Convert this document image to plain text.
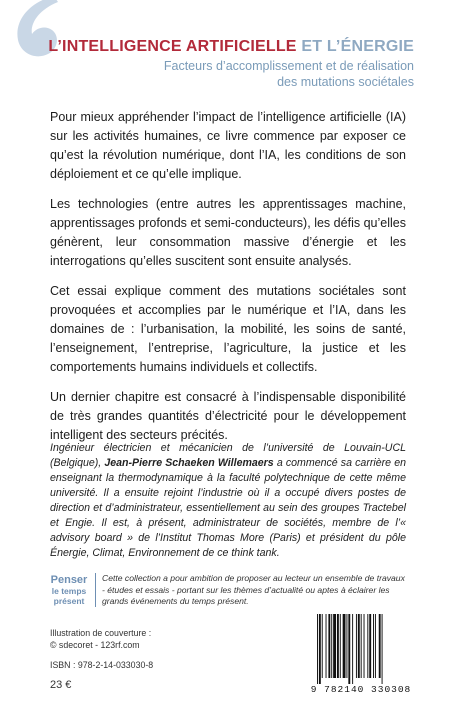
L’INTELLIGENCE ARTIFICIELLE ET L’ÉNERGIE
Facteurs d’accomplissement et de réalisation
des mutations sociétales

Pour mieux appréhender l’impact de l’intelligence artificielle (IA) sur les activités humaines, ce livre commence par exposer ce qu’est la révolution numérique, dont l’IA, les conditions de son déploiement et ce qu’elle implique.

Les technologies (entre autres les apprentissages machine, apprentissages profonds et semi-conducteurs), les défis qu’elles génèrent, leur consommation massive d’énergie et les interrogations qu’elles suscitent sont ensuite analysés.

Cet essai explique comment des mutations sociétales sont provoquées et accomplies par le numérique et l’IA, dans les domaines de : l’urbanisation, la mobilité, les soins de santé, l’enseignement, l’entreprise, l’agriculture, la justice et les comportements humains individuels et collectifs.

Un dernier chapitre est consacré à l’indispensable disponibilité de très grandes quantités d’électricité pour le développement intelligent des secteurs précités.

Ingénieur électricien et mécanicien de l’université de Louvain-UCL (Belgique), Jean-Pierre Schaeken Willemaers a commencé sa carrière en enseignant la thermodynamique à la faculté polytechnique de cette même université. Il a ensuite rejoint l’industrie où il a occupé divers postes de direction et d’administrateur, essentiellement au sein des groupes Tractebel et Engie. Il est, à présent, administrateur de sociétés, membre de l’« advisory board » de l’Institut Thomas More (Paris) et président du pôle Énergie, Climat, Environnement de ce think tank.

Penser
le temps
présent
Cette collection a pour ambition de proposer au lecteur un ensemble de travaux - études et essais - portant sur les thèmes d’actualité ou aptes à éclairer les grands événements du temps présent.
Illustration de couverture :
© sdecoret - 123rf.com
ISBN : 978-2-14-033030-8
23 €	9 782140 330308
